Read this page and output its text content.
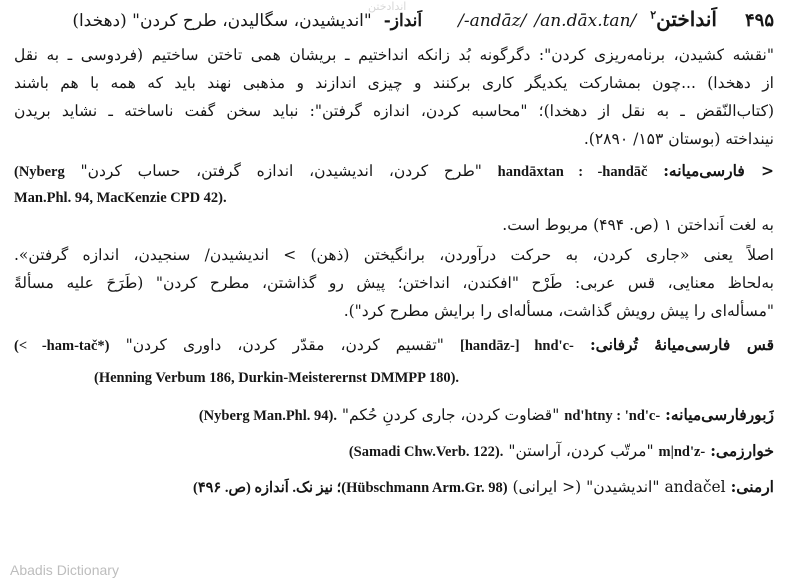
اندادختن
۴۹۵
اَنداختن$^۲$
/an.dāx.tan/
/-andāz/
اَنداز-
"اندیشیدن، سگالیدن، طرح کردن" (دهخدا)
"نقشه کشیدن، برنامه‌ریزی کردن": دگرگونه بُد زانکه انداختیم ـ بریشان همی تاختن ساختیم (فردوسی ـ به نقل
از دهخدا) ...چون بمشارکت یکدیگر کاری برکنند و چیزی اندازند و مذهبی نهند باید که همه با هم باشند
(کتاب‌النّقض ـ به نقل از دهخدا)؛ "محاسبه کردن، اندازه گرفتن": نباید سخن گفت ناساخته ـ نشاید بریدن
نینداخته (بوستان ۱۵۳/ ۲۸۹۰).
< فارسی‌میانه: handāxtan : -handāč "طرح کردن، اندیشیدن، اندازه گرفتن، حساب کردن" (Nyberg
Man.Phl. 94, MacKenzie CPD 42).
به لغت اَنداختن ۱ (ص. ۴۹۴) مربوط است.
اصلاً یعنی «جاری کردن، به حرکت درآوردن، برانگیختن (ذهن) > اندیشیدن/ سنجیدن، اندازه گرفتن».
به‌لحاظ معنایی، قس عربی: طَرْح "افکندن، انداختن؛ پیش رو گذاشتن، مطرح کردن" (طَرَحَ علیه مسألةً
"مسأله‌ای را پیش رویش گذاشت، مسأله‌ای را برایش مطرح کرد").
قس فارسی‌میانهٔ تُرفانی: [handāz-] hnd'c- "تقسیم کردن، مقدّر کردن، داوری کردن" (< -ham-tač*)
(Henning Verbum 186, Durkin-Meisterernst DMMPP 180).
زَبورفارسی‌میانه: nd'htny : 'nd'c- "قضاوت کردن، جاری کردنِ حُکم" (Nyberg Man.Phl. 94).
خوارزمی: m|nd'z- "مرتّب کردن، آراستن" (Samadi Chw.Verb. 122).
ارمنی: andačel "اندیشیدن" (< ایرانی) (Hübschmann Arm.Gr. 98)؛ نیز نک. اَندازه (ص. ۴۹۶)
Abadis Dictionary
